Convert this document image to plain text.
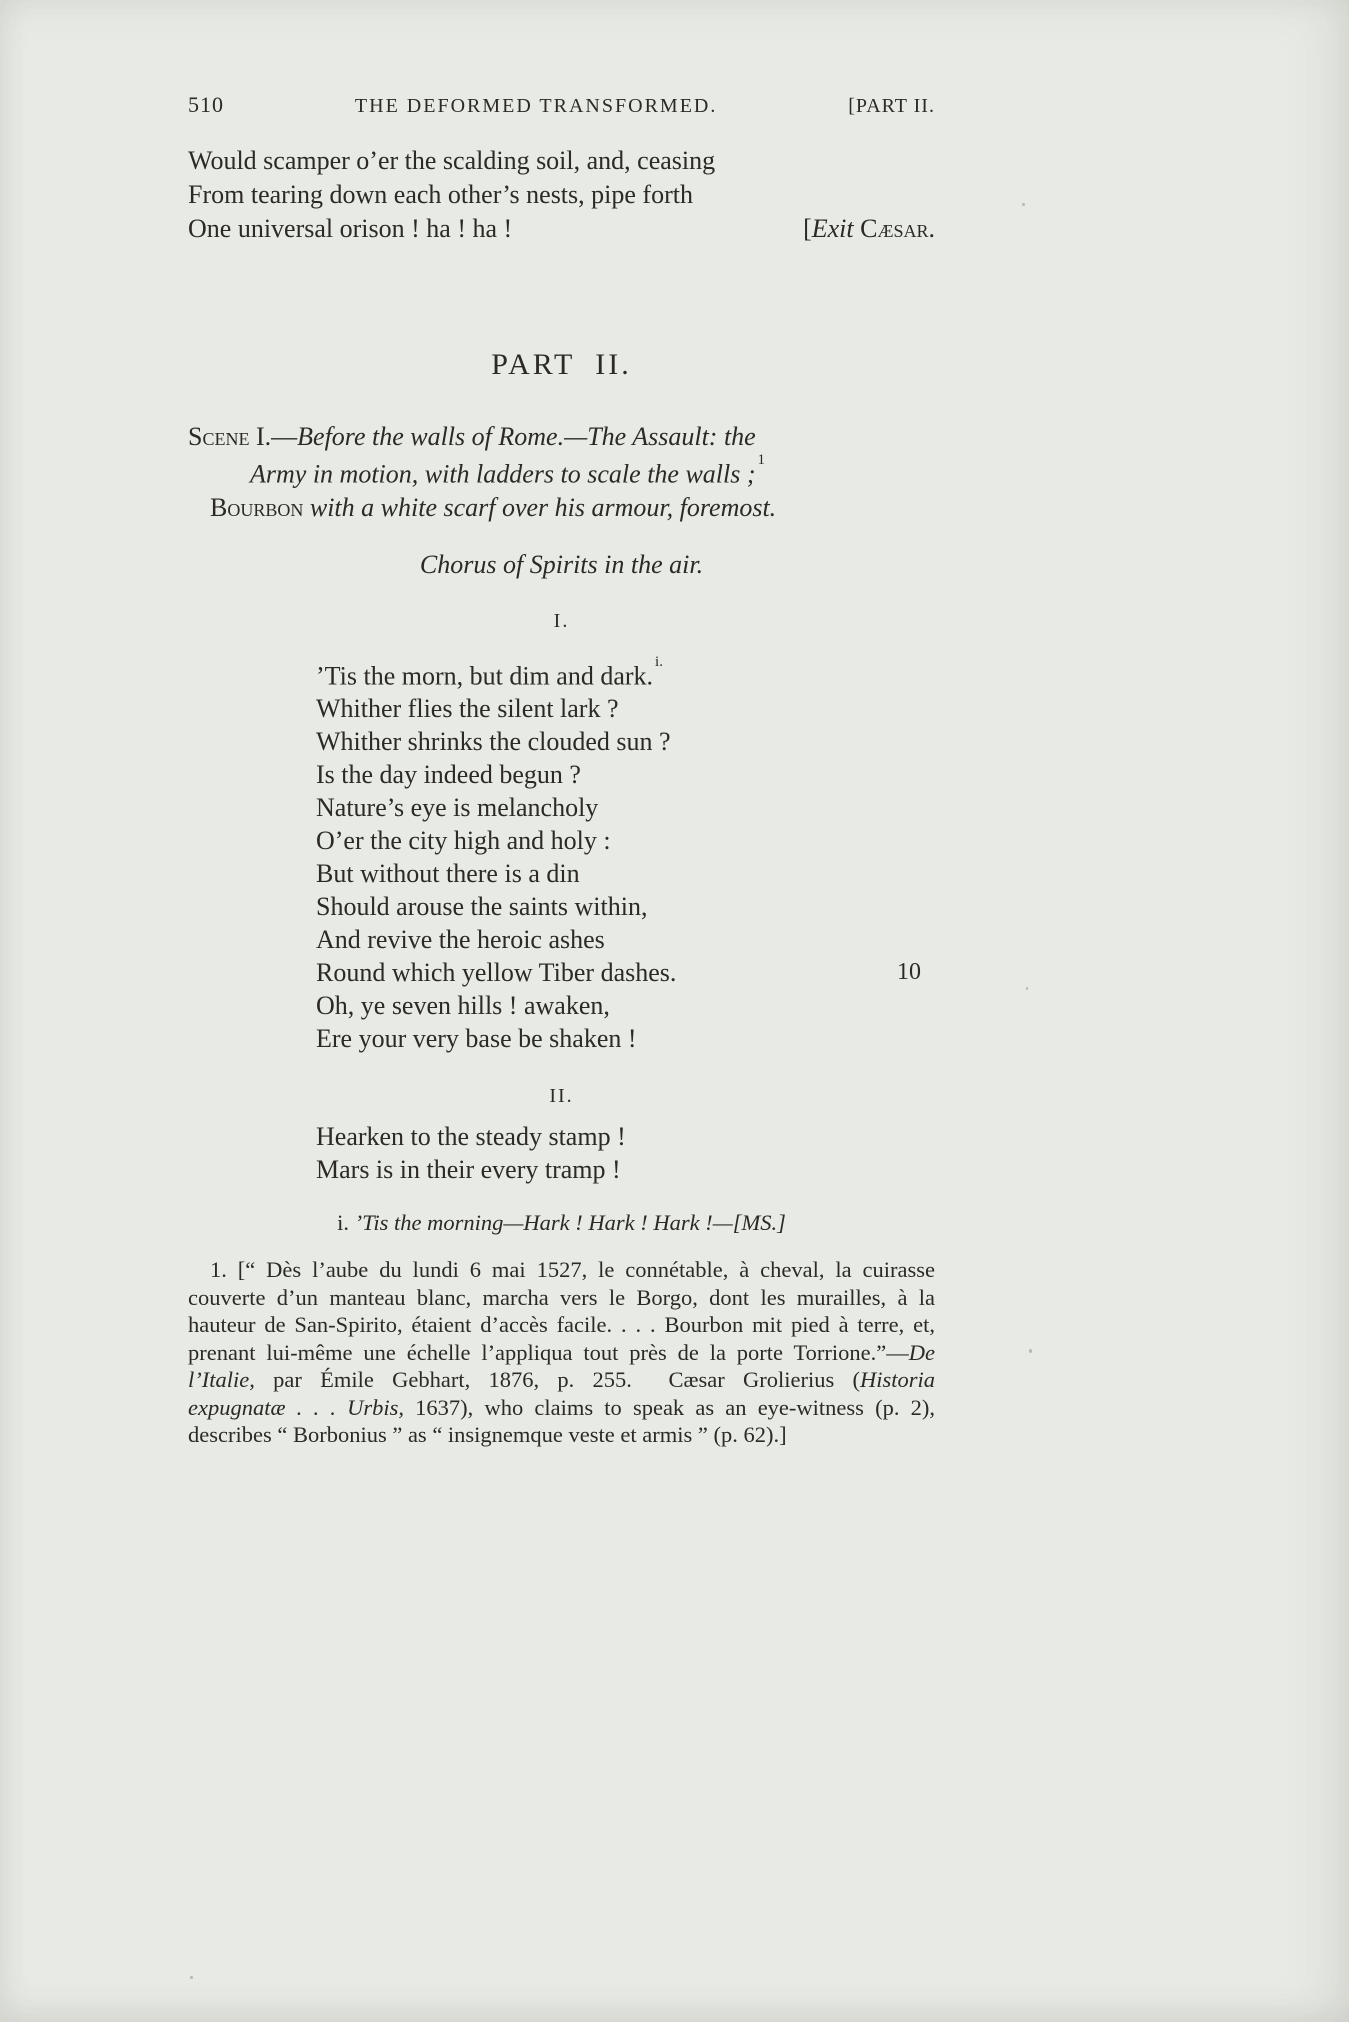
510	THE DEFORMED TRANSFORMED.	[PART II.
Would scamper o’er the scalding soil, and, ceasing
From tearing down each other’s nests, pipe forth
One universal orison ! ha ! ha !	[Exit Cæsar.
PART II.
Scene I.—Before the walls of Rome.—The Assault: the
Army in motion, with ladders to scale the walls ; $^1$
Bourbon with a white scarf over his armour, foremost.
Chorus of Spirits in the air.
I.
’Tis the morn, but dim and dark. $^{i.}$
Whither flies the silent lark ?
Whither shrinks the clouded sun ?
Is the day indeed begun ?
Nature’s eye is melancholy
O’er the city high and holy :
But without there is a din
Should arouse the saints within,
And revive the heroic ashes
Round which yellow Tiber dashes.	10
Oh, ye seven hills ! awaken,
Ere your very base be shaken !
II.
Hearken to the steady stamp !
Mars is in their every tramp !
i. ’Tis the morning—Hark ! Hark ! Hark !—[MS.]

1. [“ Dès l’aube du lundi 6 mai 1527, le connétable, à cheval, la cuirasse couverte d’un manteau blanc, marcha vers le Borgo, dont les murailles, à la hauteur de San-Spirito, étaient d’accès facile. . . . Bourbon mit pied à terre, et, prenant lui-même une échelle l’appliqua tout près de la porte Torrione.”—De l’Italie, par Émile Gebhart, 1876, p. 255.  Cæsar Grolierius (Historia expugnatæ . . . Urbis, 1637), who claims to speak as an eye-witness (p. 2), describes “ Borbonius ” as “ insignemque veste et armis ” (p. 62).]
